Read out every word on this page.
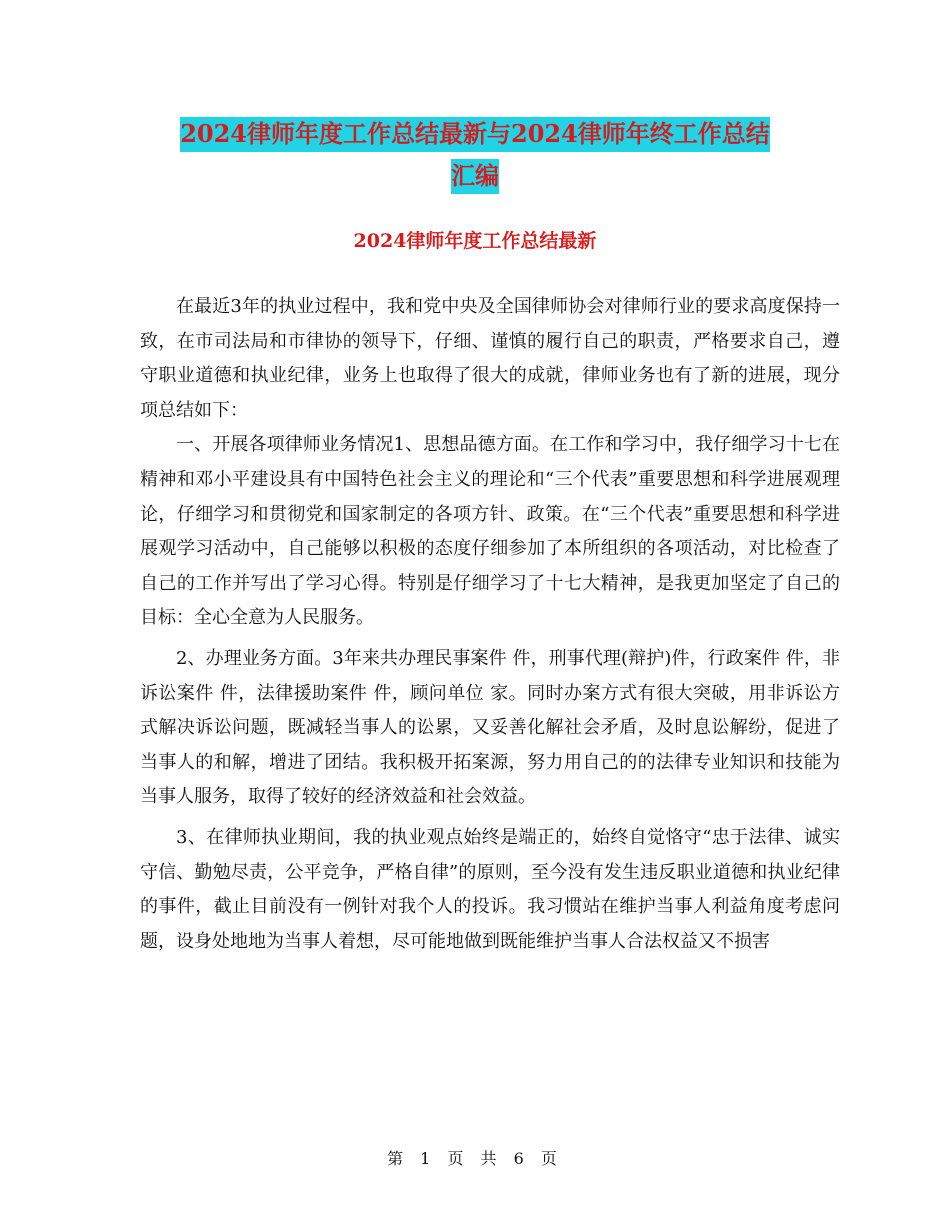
2024律师年度工作总结最新与2024律师年终工作总结
汇编
2024律师年度工作总结最新

在最近3年的执业过程中，我和党中央及全国律师协会对律师行业的要求高度保持一致，在市司法局和市律协的领导下，仔细、谨慎的履行自己的职责，严格要求自己，遵守职业道德和执业纪律，业务上也取得了很大的成就，律师业务也有了新的进展，现分项总结如下：

一、开展各项律师业务情况1、思想品德方面。在工作和学习中，我仔细学习十七在精神和邓小平建设具有中国特色社会主义的理论和“三个代表”重要思想和科学进展观理论，仔细学习和贯彻党和国家制定的各项方针、政策。在“三个代表”重要思想和科学进展观学习活动中，自己能够以积极的态度仔细参加了本所组织的各项活动，对比检查了自己的工作并写出了学习心得。特别是仔细学习了十七大精神，是我更加坚定了自己的目标：全心全意为人民服务。

2、办理业务方面。3年来共办理民事案件 件，刑事代理(辩护)件，行政案件 件，非诉讼案件 件，法律援助案件 件，顾问单位 家。同时办案方式有很大突破，用非诉讼方式解决诉讼问题，既减轻当事人的讼累，又妥善化解社会矛盾，及时息讼解纷，促进了当事人的和解，增进了团结。我积极开拓案源，努力用自己的的法律专业知识和技能为当事人服务，取得了较好的经济效益和社会效益。

3、在律师执业期间，我的执业观点始终是端正的，始终自觉恪守“忠于法律、诚实守信、勤勉尽责，公平竞争，严格自律”的原则，至今没有发生违反职业道德和执业纪律的事件，截止目前没有一例针对我个人的投诉。我习惯站在维护当事人利益角度考虑问题，设身处地地为当事人着想，尽可能地做到既能维护当事人合法权益又不损害

第 1 页 共 6 页
